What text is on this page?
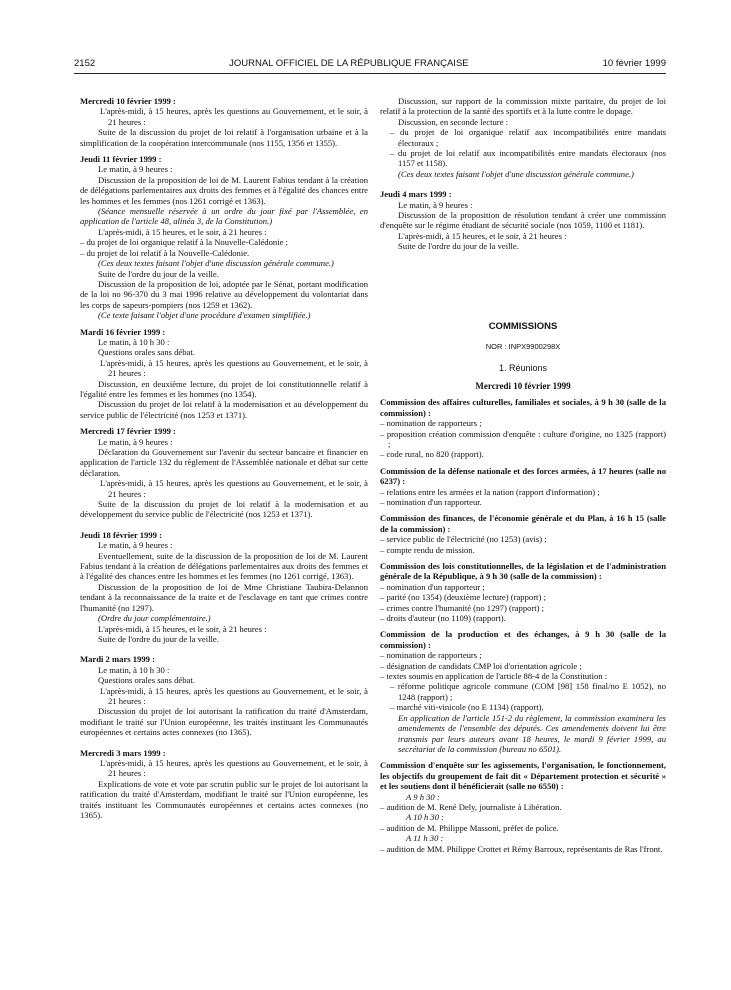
2152	JOURNAL OFFICIEL DE LA RÉPUBLIQUE FRANÇAISE	10 février 1999

Mercredi 10 février 1999 :

L'après-midi, à 15 heures, après les questions au Gouvernement, et le soir, à 21 heures :

Suite de la discussion du projet de loi relatif à l'organisation urbaine et à la simplification de la coopération intercommunale (nos 1155, 1356 et 1355).

Jeudi 11 février 1999 :

Le matin, à 9 heures :

Discussion de la proposition de loi de M. Laurent Fabius tendant à la création de délégations parlementaires aux droits des femmes et à l'égalité des chances entre les hommes et les femmes (nos 1261 corrigé et 1363).

(Séance mensuelle réservée à un ordre du jour fixé par l'Assemblée, en application de l'article 48, alinéa 3, de la Constitution.)

L'après-midi, à 15 heures, et le soir, à 21 heures :

– du projet de loi organique relatif à la Nouvelle-Calédonie ;

– du projet de loi relatif à la Nouvelle-Calédonie.

(Ces deux textes faisant l'objet d'une discussion générale commune.)

Suite de l'ordre du jour de la veille.

Discussion de la proposition de loi, adoptée par le Sénat, portant modification de la loi no 96-370 du 3 mai 1996 relative au développement du volontariat dans les corps de sapeurs-pompiers (nos 1259 et 1362).

(Ce texte faisant l'objet d'une procédure d'examen simplifiée.)

Mardi 16 février 1999 :

Le matin, à 10 h 30 :

Questions orales sans débat.

L'après-midi, à 15 heures, après les questions au Gouvernement, et le soir, à 21 heures :

Discussion, en deuxième lecture, du projet de loi constitutionnelle relatif à l'égalité entre les femmes et les hommes (no 1354).

Discussion du projet de loi relatif à la modernisation et au développement du service public de l'électricité (nos 1253 et 1371).

Mercredi 17 février 1999 :

Le matin, à 9 heures :

Déclaration du Gouvernement sur l'avenir du secteur bancaire et financier en application de l'article 132 du règlement de l'Assemblée nationale et débat sur cette déclaration.

L'après-midi, à 15 heures, après les questions au Gouvernement, et le soir, à 21 heures :

Suite de la discussion du projet de loi relatif à la modernisation et au développement du service public de l'électricité (nos 1253 et 1371).

Jeudi 18 février 1999 :

Le matin, à 9 heures :

Eventuellement, suite de la discussion de la proposition de loi de M. Laurent Fabius tendant à la création de délégations parlementaires aux droits des femmes et à l'égalité des chances entre les hommes et les femmes (no 1261 corrigé, 1363).

Discussion de la proposition de loi de Mme Christiane Taubira-Delannon tendant à la reconnaissance de la traite et de l'esclavage en tant que crimes contre l'humanité (no 1297).

(Ordre du jour complémentaire.)

L'après-midi, à 15 heures, et le soir, à 21 heures :

Suite de l'ordre du jour de la veille.

Mardi 2 mars 1999 :

Le matin, à 10 h 30 :

Questions orales sans débat.

L'après-midi, à 15 heures, après les questions au Gouvernement, et le soir, à 21 heures :

Discussion du projet de loi autorisant la ratification du traité d'Amsterdam, modifiant le traité sur l'Union européenne, les traités instituant les Communautés européennes et certains actes connexes (no 1365).

Mercredi 3 mars 1999 :

L'après-midi, à 15 heures, après les questions au Gouvernement, et le soir, à 21 heures :

Explications de vote et vote par scrutin public sur le projet de loi autorisant la ratification du traité d'Amsterdam, modifiant le traité sur l'Union européenne, les traités instituant les Communautés européennes et certains actes connexes (no 1365).

Discussion, sur rapport de la commission mixte paritaire, du projet de loi relatif à la protection de la santé des sportifs et à la lutte contre le dopage.

Discussion, en seconde lecture :

– du projet de loi organique relatif aux incompatibilités entre mandats électoraux ;

– du projet de loi relatif aux incompatibilités entre mandats électoraux (nos 1157 et 1158).

(Ces deux textes faisant l'objet d'une discussion générale commune.)

Jeudi 4 mars 1999 :

Le matin, à 9 heures :

Discussion de la proposition de résolution tendant à créer une commission d'enquête sur le régime étudiant de sécurité sociale (nos 1059, 1100 et 1181).

L'après-midi, à 15 heures, et le soir, à 21 heures :

Suite de l'ordre du jour de la veille.

COMMISSIONS

NOR : INPX9900298X

1. Réunions

Mercredi 10 février 1999

Commission des affaires culturelles, familiales et sociales, à 9 h 30 (salle de la commission) :

– nomination de rapporteurs ;

– proposition création commission d'enquête : culture d'origine, no 1325 (rapport) ;

– code rural, no 820 (rapport).

Commission de la défense nationale et des forces armées, à 17 heures (salle no 6237) :

– relations entre les armées et la nation (rapport d'information) ;

– nomination d'un rapporteur.

Commission des finances, de l'économie générale et du Plan, à 16 h 15 (salle de la commission) :

– service public de l'électricité (no 1253) (avis) ;

– compte rendu de mission.

Commission des lois constitutionnelles, de la législation et de l'administration générale de la République, à 9 h 30 (salle de la commission) :

– nomination d'un rapporteur ;

– parité (no 1354) (deuxième lecture) (rapport) ;

– crimes contre l'humanité (no 1297) (rapport) ;

– droits d'auteur (no 1109) (rapport).

Commission de la production et des échanges, à 9 h 30 (salle de la commission) :

– nomination de rapporteurs ;

– désignation de candidats CMP loi d'orientation agricole ;

– textes soumis en application de l'article 88-4 de la Constitution :

– réforme politique agricole commune (COM [98] 158 final/no E 1052), no 1248 (rapport) ;

– marché viti-vinicole (no E 1134) (rapport).

En application de l'article 151-2 du règlement, la commission examinera les amendements de l'ensemble des députés. Ces amendements doivent lui être transmis par leurs auteurs avant 18 heures, le mardi 9 février 1999, au secrétariat de la commission (bureau no 6501).

Commission d'enquête sur les agissements, l'organisation, le fonctionnement, les objectifs du groupement de fait dit « Département protection et sécurité » et les soutiens dont il bénéficierait (salle no 6550) :

A 9 h 30 :

– audition de M. René Dely, journaliste à Libération.

A 10 h 30 :

– audition de M. Philippe Massoni, préfet de police.

A 11 h 30 :

– audition de MM. Philippe Crottet et Rémy Barroux, représentants de Ras l'front.
